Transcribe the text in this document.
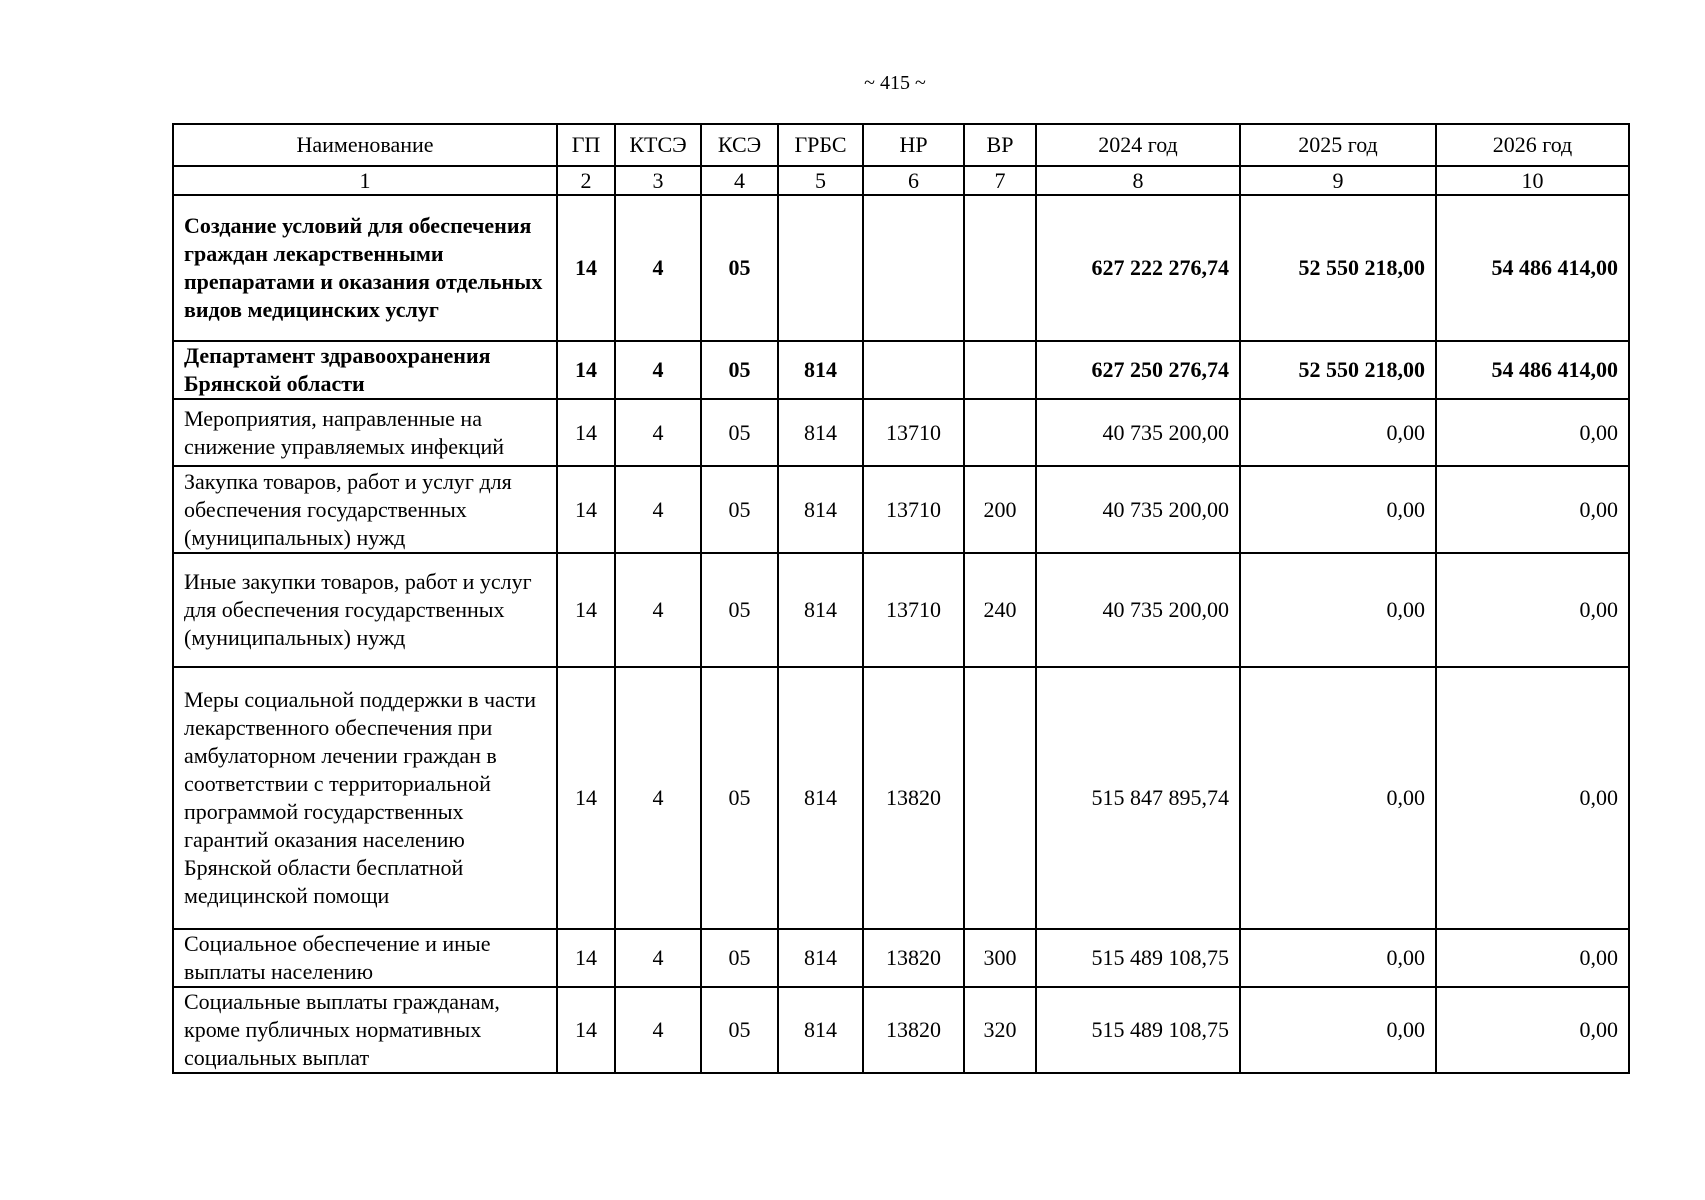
~ 415 ~
Наименование	ГП	КТСЭ	КСЭ	ГРБС	НР	ВР	2024 год	2025 год	2026 год
1	2	3	4	5	6	7	8	9	10
Создание условий для обеспечения граждан лекарственными препаратами и оказания отдельных видов медицинских услуг	14	4	05				627 222 276,74	52 550 218,00	54 486 414,00
Департамент здравоохранения Брянской области	14	4	05	814			627 250 276,74	52 550 218,00	54 486 414,00
Мероприятия, направленные на снижение управляемых инфекций	14	4	05	814	13710		40 735 200,00	0,00	0,00
Закупка товаров, работ и услуг для обеспечения государственных (муниципальных) нужд	14	4	05	814	13710	200	40 735 200,00	0,00	0,00
Иные закупки товаров, работ и услуг для обеспечения государственных (муниципальных) нужд	14	4	05	814	13710	240	40 735 200,00	0,00	0,00
Меры социальной поддержки в части лекарственного обеспечения при амбулаторном лечении граждан в соответствии с территориальной программой государственных гарантий оказания населению Брянской области бесплатной медицинской помощи	14	4	05	814	13820		515 847 895,74	0,00	0,00
Социальное обеспечение и иные выплаты населению	14	4	05	814	13820	300	515 489 108,75	0,00	0,00
Социальные выплаты гражданам, кроме публичных нормативных социальных выплат	14	4	05	814	13820	320	515 489 108,75	0,00	0,00
